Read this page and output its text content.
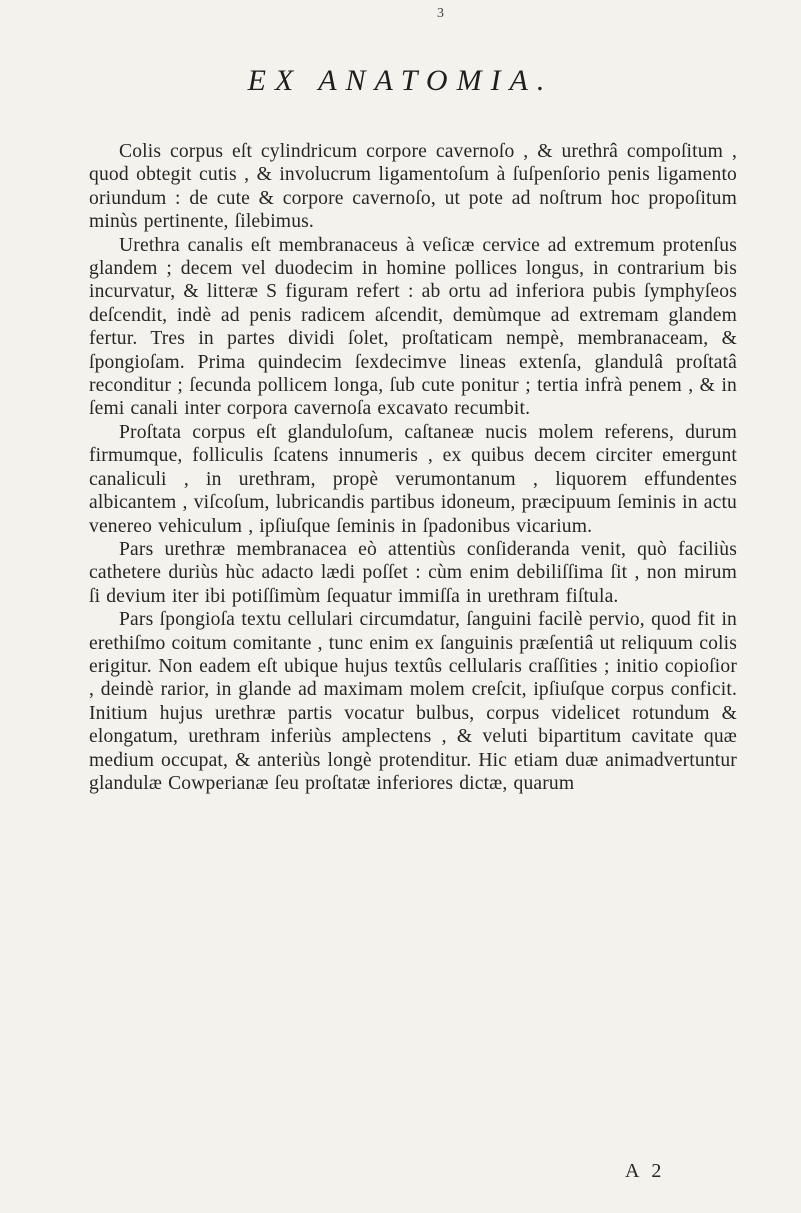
3
EX ANATOMIA.

Colis corpus eſt cylindricum corpore cavernoſo , & urethrâ compoſitum , quod obtegit cutis , & involucrum ligamentoſum à ſuſpenſorio penis ligamento oriundum : de cute & corpore cavernoſo, ut pote ad noſtrum hoc propoſitum minùs pertinente, ſilebimus.

Urethra canalis eſt membranaceus à veſicæ cervice ad extremum protenſus glandem ; decem vel duodecim in homine pollices longus, in contrarium bis incurvatur, & litteræ S figuram refert : ab ortu ad inferiora pubis ſymphyſeos deſcendit, indè ad penis radicem aſcendit, demùmque ad extremam glandem fertur. Tres in partes dividi ſolet, proſtaticam nempè, membranaceam, & ſpongioſam. Prima quindecim ſexdecimve lineas extenſa, glandulâ proſtatâ reconditur ; ſecunda pollicem longa, ſub cute ponitur ; tertia infrà penem , & in ſemi canali inter corpora cavernoſa excavato recumbit.

Proſtata corpus eſt glanduloſum, caſtaneæ nucis molem referens, durum firmumque, folliculis ſcatens innumeris , ex quibus decem circiter emergunt canaliculi , in urethram, propè verumontanum , liquorem effundentes albicantem , viſcoſum, lubricandis partibus idoneum, præcipuum ſeminis in actu venereo vehiculum , ipſiuſque ſeminis in ſpadonibus vicarium.

Pars urethræ membranacea eò attentiùs conſideranda venit, quò faciliùs cathetere duriùs hùc adacto lædi poſſet : cùm enim debiliſſima ſit , non mirum ſi devium iter ibi potiſſimùm ſequatur immiſſa in urethram fiſtula.

Pars ſpongioſa textu cellulari circumdatur, ſanguini facilè pervio, quod fit in erethiſmo coitum comitante , tunc enim ex ſanguinis præſentiâ ut reliquum colis erigitur. Non eadem eſt ubique hujus textûs cellularis craſſities ; initio copioſior , deindè rarior, in glande ad maximam molem creſcit, ipſiuſque corpus conficit. Initium hujus urethræ partis vocatur bulbus, corpus videlicet rotundum & elongatum, urethram inferiùs amplectens , & veluti bipartitum cavitate quæ medium occupat, & anteriùs longè protenditur. Hic etiam duæ animadvertuntur glandulæ Cowperianæ ſeu proſtatæ inferiores dictæ, quarum

A 2
